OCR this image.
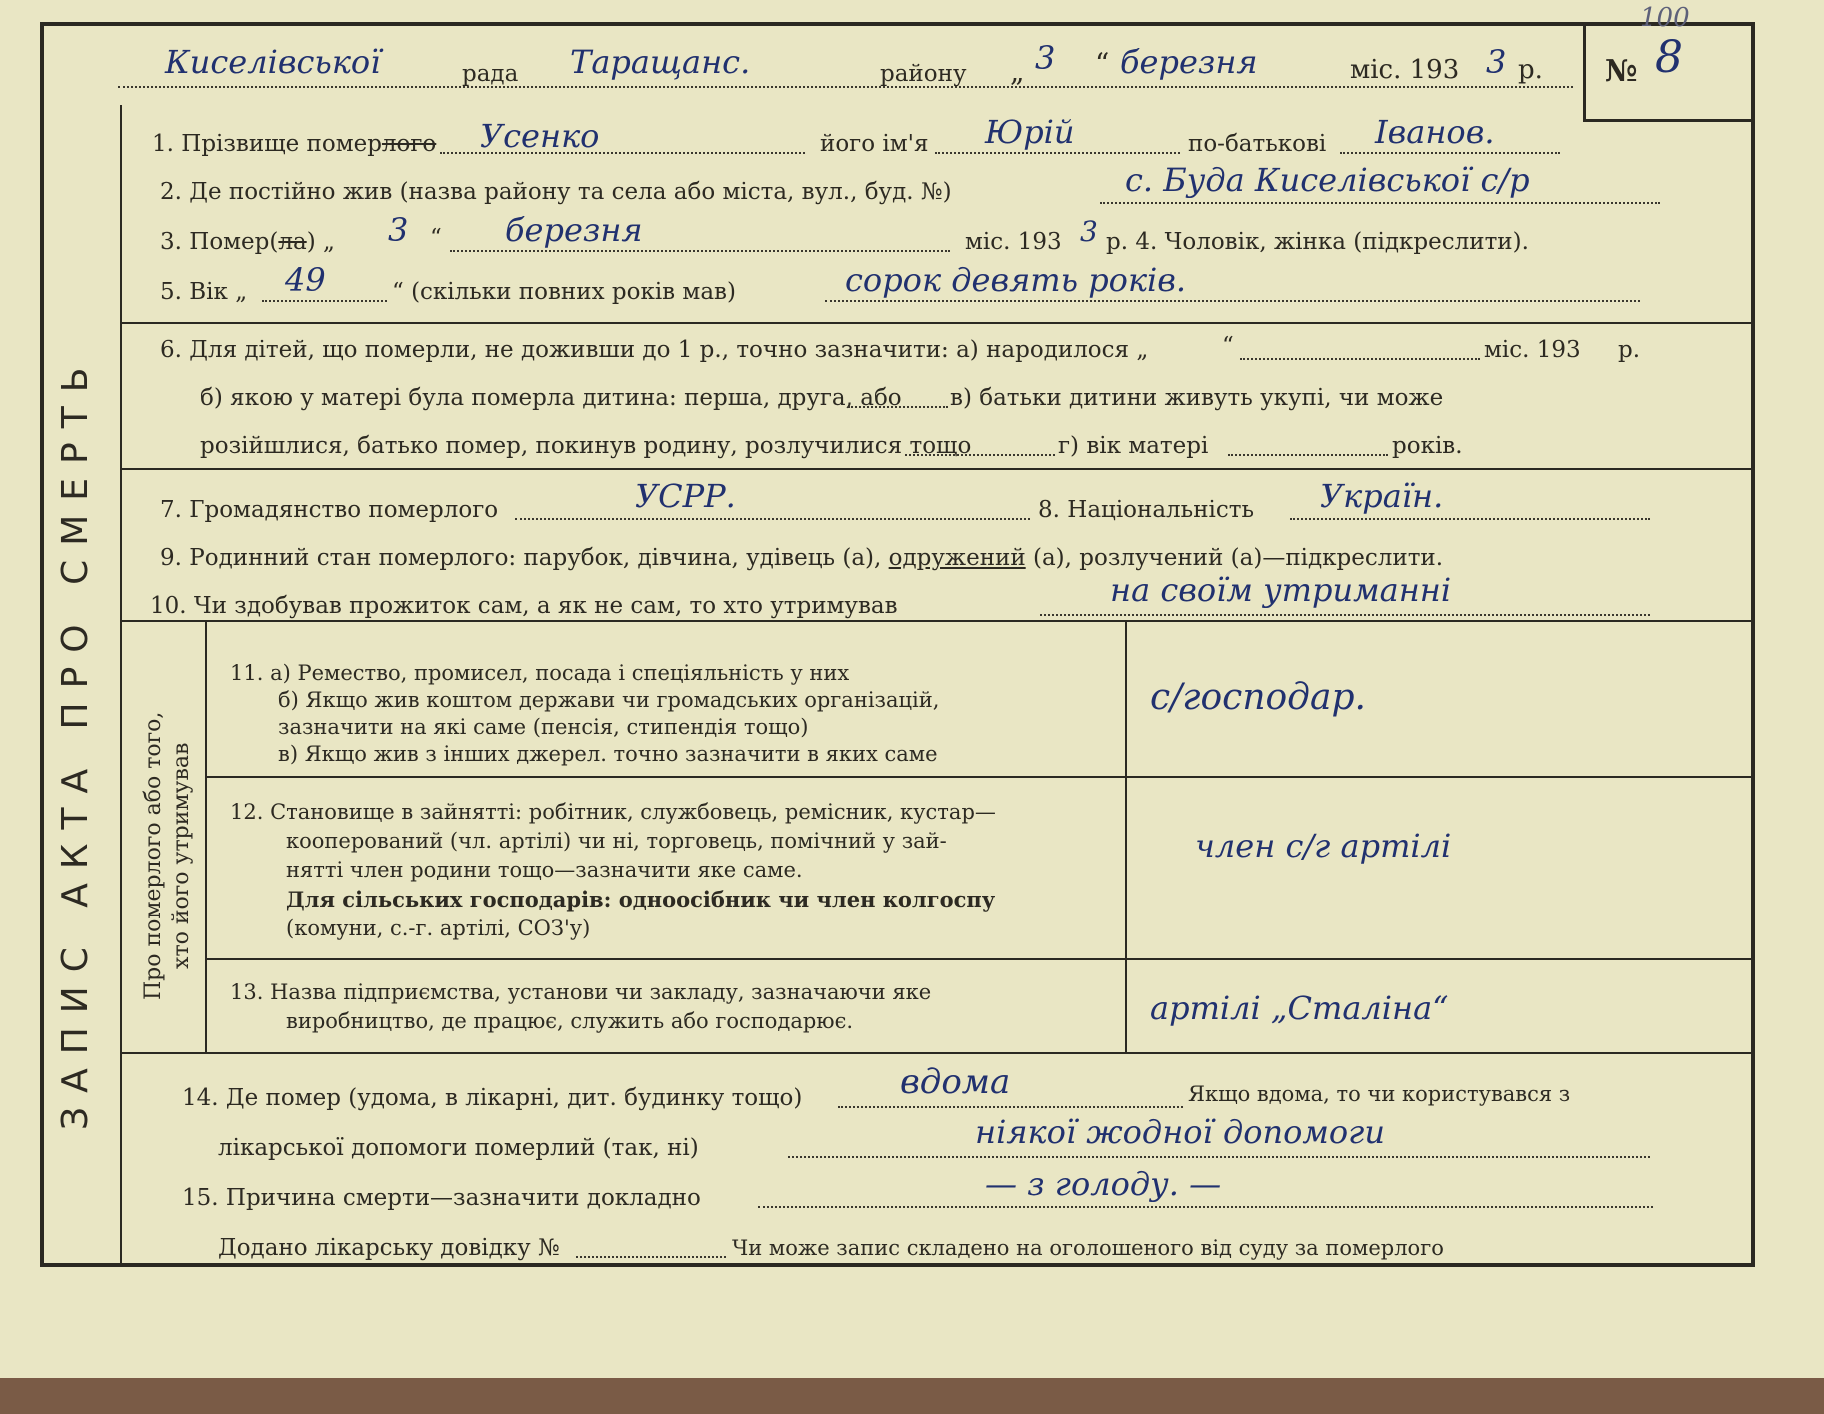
ЗАПИС АКТА ПРО СМЕРТЬ Про померлого або того, хто його утримував
Киселівської	рада Таращанс.	району „ 3 “ березня	міс. 193 3 р. № 8
100
1. Прізвище померлого Усенко	його ім'я Юрій	по-батькові Іванов.
2. Де постійно жив (назва району та села або міста, вул., буд. №)	с. Буда Киселівської с/р
3. Помер(ла) „ 3 “ березня	міс. 193 3 р. 4. Чоловік, жінка (підкреслити).
5. Вік „ 49	“ (скільки повних років мав)	сорок девять років.
6. Для дітей, що померли, не доживши до 1 р., точно зазначити: а) народилося „	“	міс. 193 р.
б) якою у матері була померла дитина: перша, друга, або в) батьки дитини живуть укупі, чи може
розійшлися, батько помер, покинув родину, розлучилися тощо	г) вік матері	років.
7. Громадянство померлого	УСРР.	8. Національність Україн.
9. Родинний стан померлого: парубок, дівчина, удівець (а), одружений (а), розлучений (а)—підкреслити.
10. Чи здобував прожиток сам, а як не сам, то хто утримував	на своїм утриманні
11. а) Ремество, промисел, посада і спеціяльність у них
б) Якщо жив коштом держави чи громадських організацій,
зазначити на які саме (пенсія, стипендія тощо)
в) Якщо жив з інших джерел. точно зазначити в яких саме
с/господар.
12. Становище в зайнятті: робітник, службовець, ремісник, кустар—
кооперований (чл. артілі) чи ні, торговець, помічний у зай-
нятті член родини тощо—зазначити яке саме.
Для сільських господарів: одноосібник чи член колгоспу
(комуни, с.-г. артілі, СОЗ'у)
член с/г артілі
13. Назва підприємства, установи чи закладу, зазначаючи яке
виробництво, де працює, служить або господарює.	артілі „Сталіна“
14. Де помер (удома, в лікарні, дит. будинку тощо)	вдома	Якщо вдома, то чи користувався з
лікарської допомоги померлий (так, ні)	ніякої жодної допомоги
15. Причина смерти—зазначити докладно	— з голоду. —
Додано лікарську довідку №	Чи може запис складено на оголошеного від суду за померлого
